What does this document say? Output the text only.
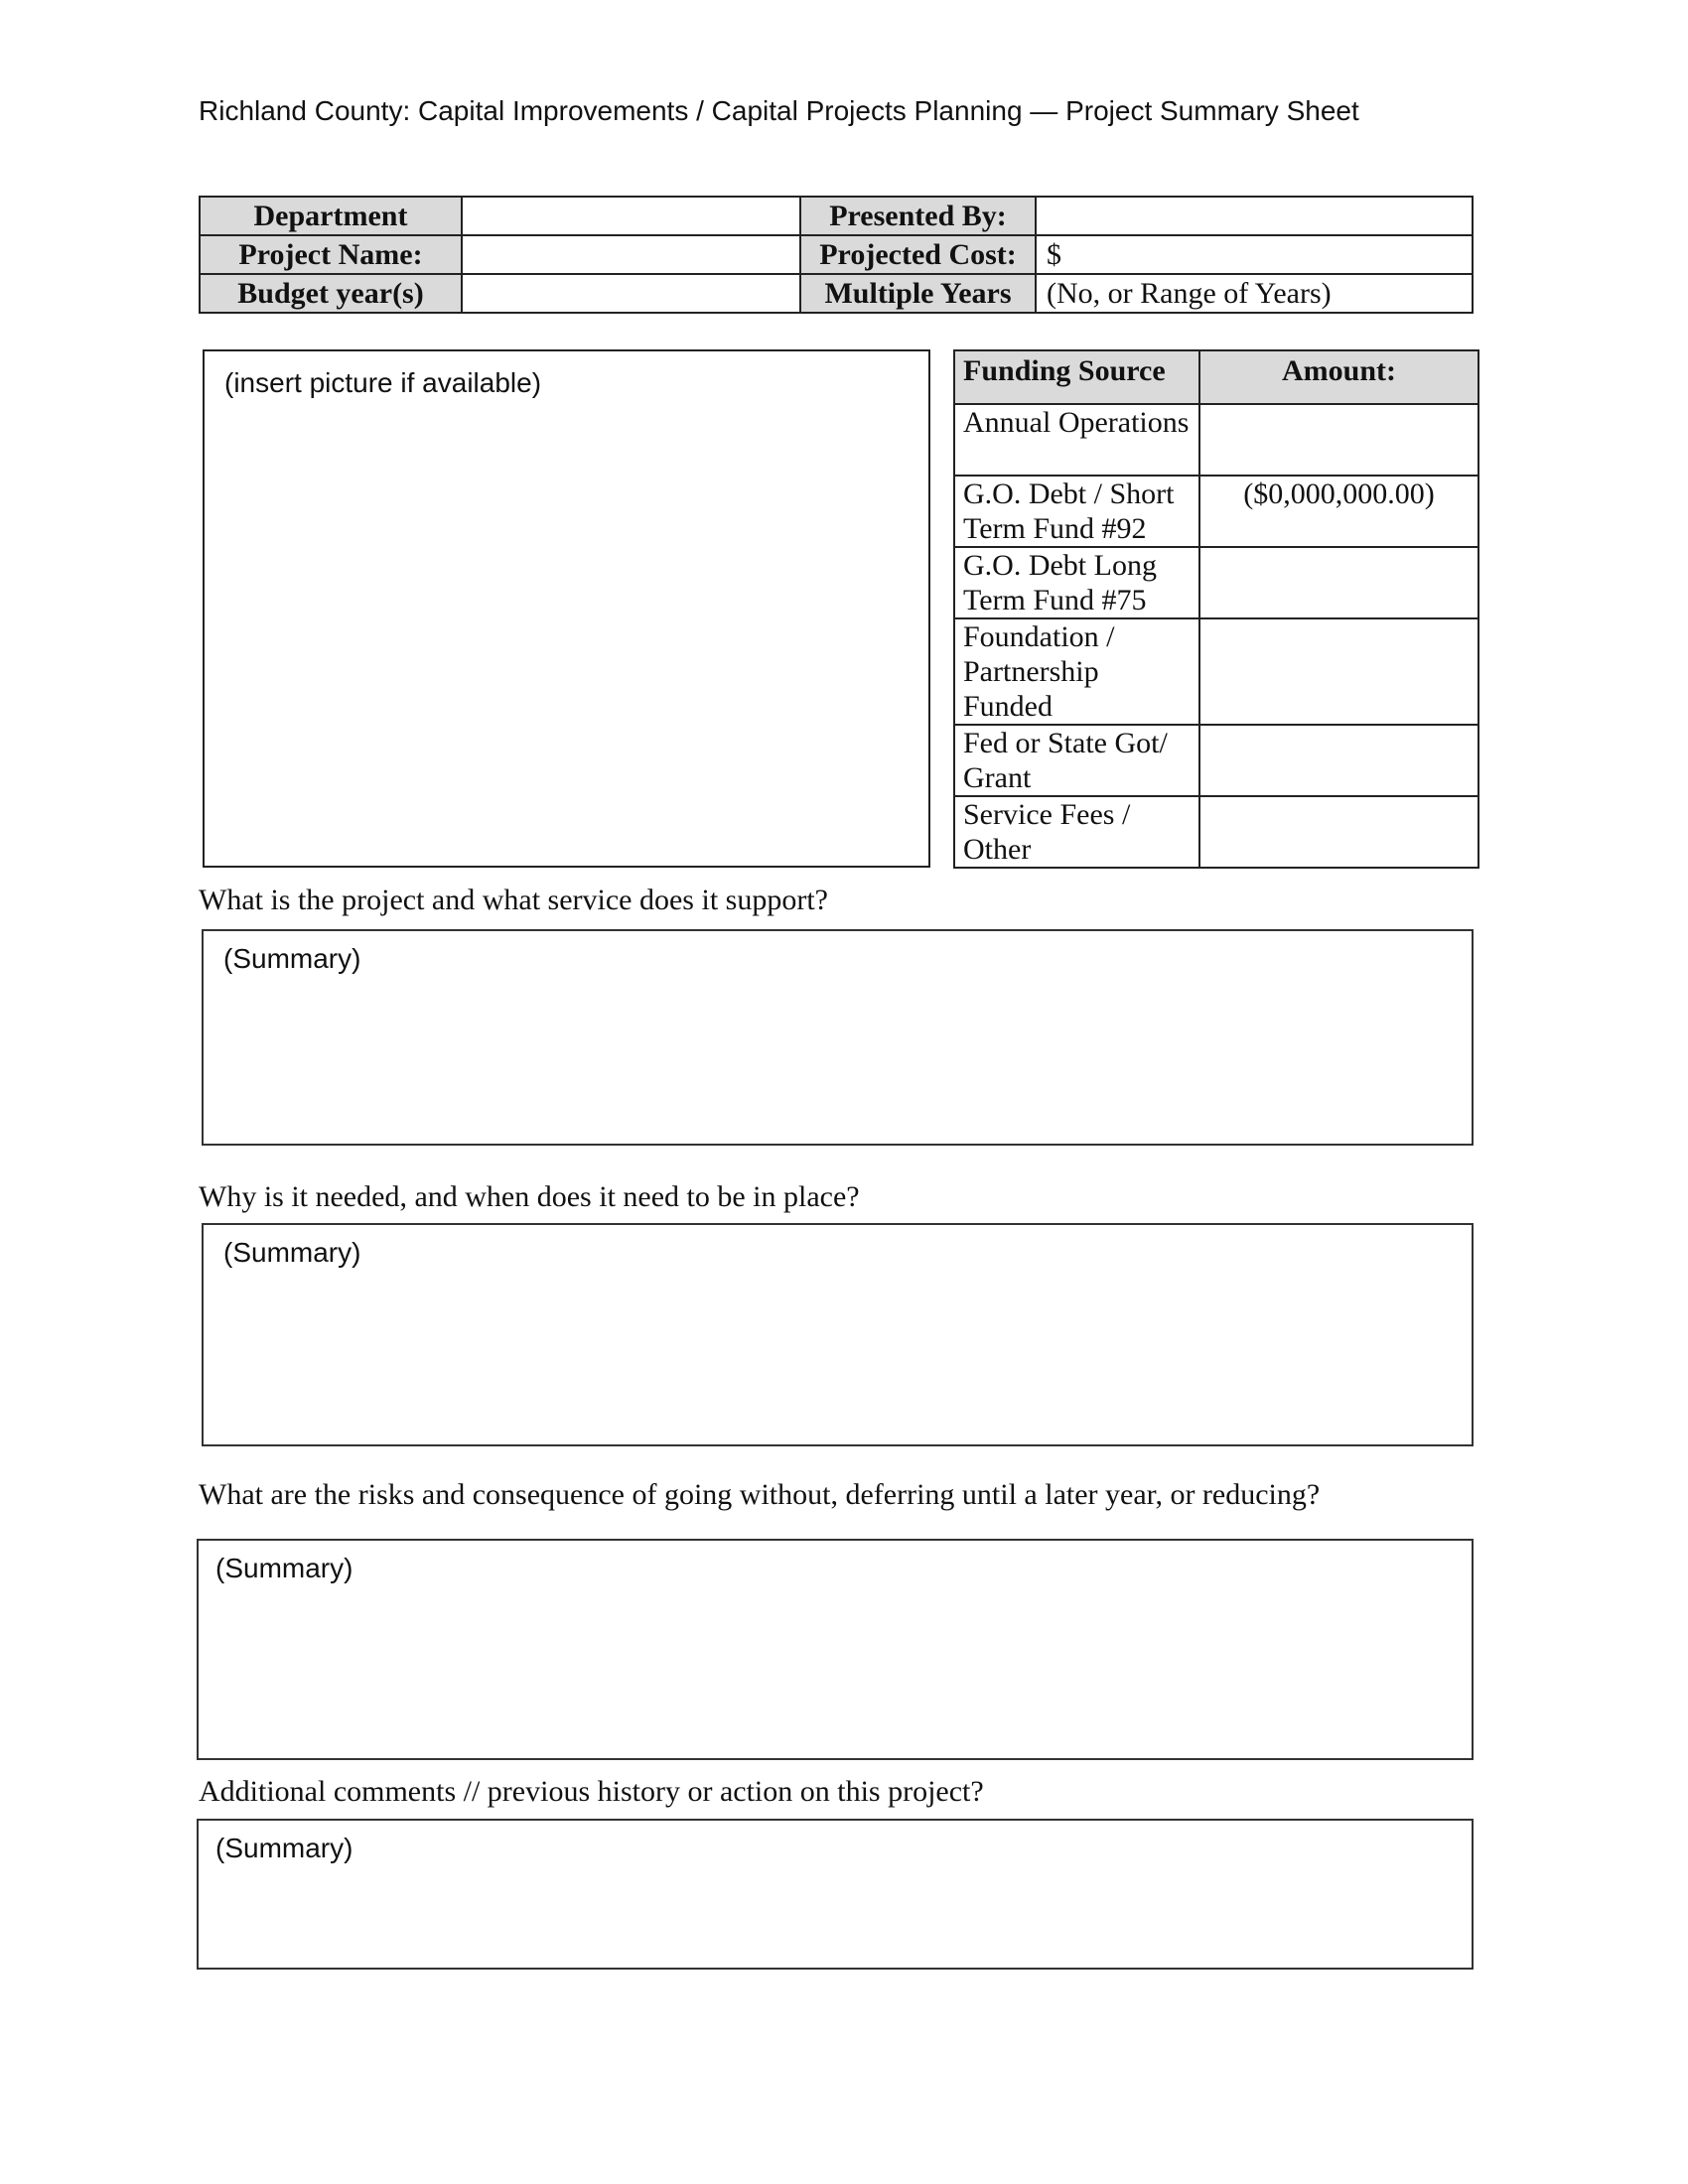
Richland County: Capital Improvements / Capital Projects Planning — Project Summary Sheet
Department		Presented By:	
Project Name:		Projected Cost:	$
Budget year(s)		Multiple Years	(No, or Range of Years)
(insert picture if available)	Funding Source	Amount:
Annual Operations	
G.O. Debt / Short Term Fund #92	($0,000,000.00)
G.O. Debt Long Term Fund #75	
Foundation / Partnership Funded	
Fed or State Got/ Grant	
Service Fees / Other	
What is the project and what service does it support?
(Summary)
Why is it needed, and when does it need to be in place?
(Summary)
What are the risks and consequence of going without, deferring until a later year, or reducing?
(Summary)
Additional comments // previous history or action on this project?
(Summary)
